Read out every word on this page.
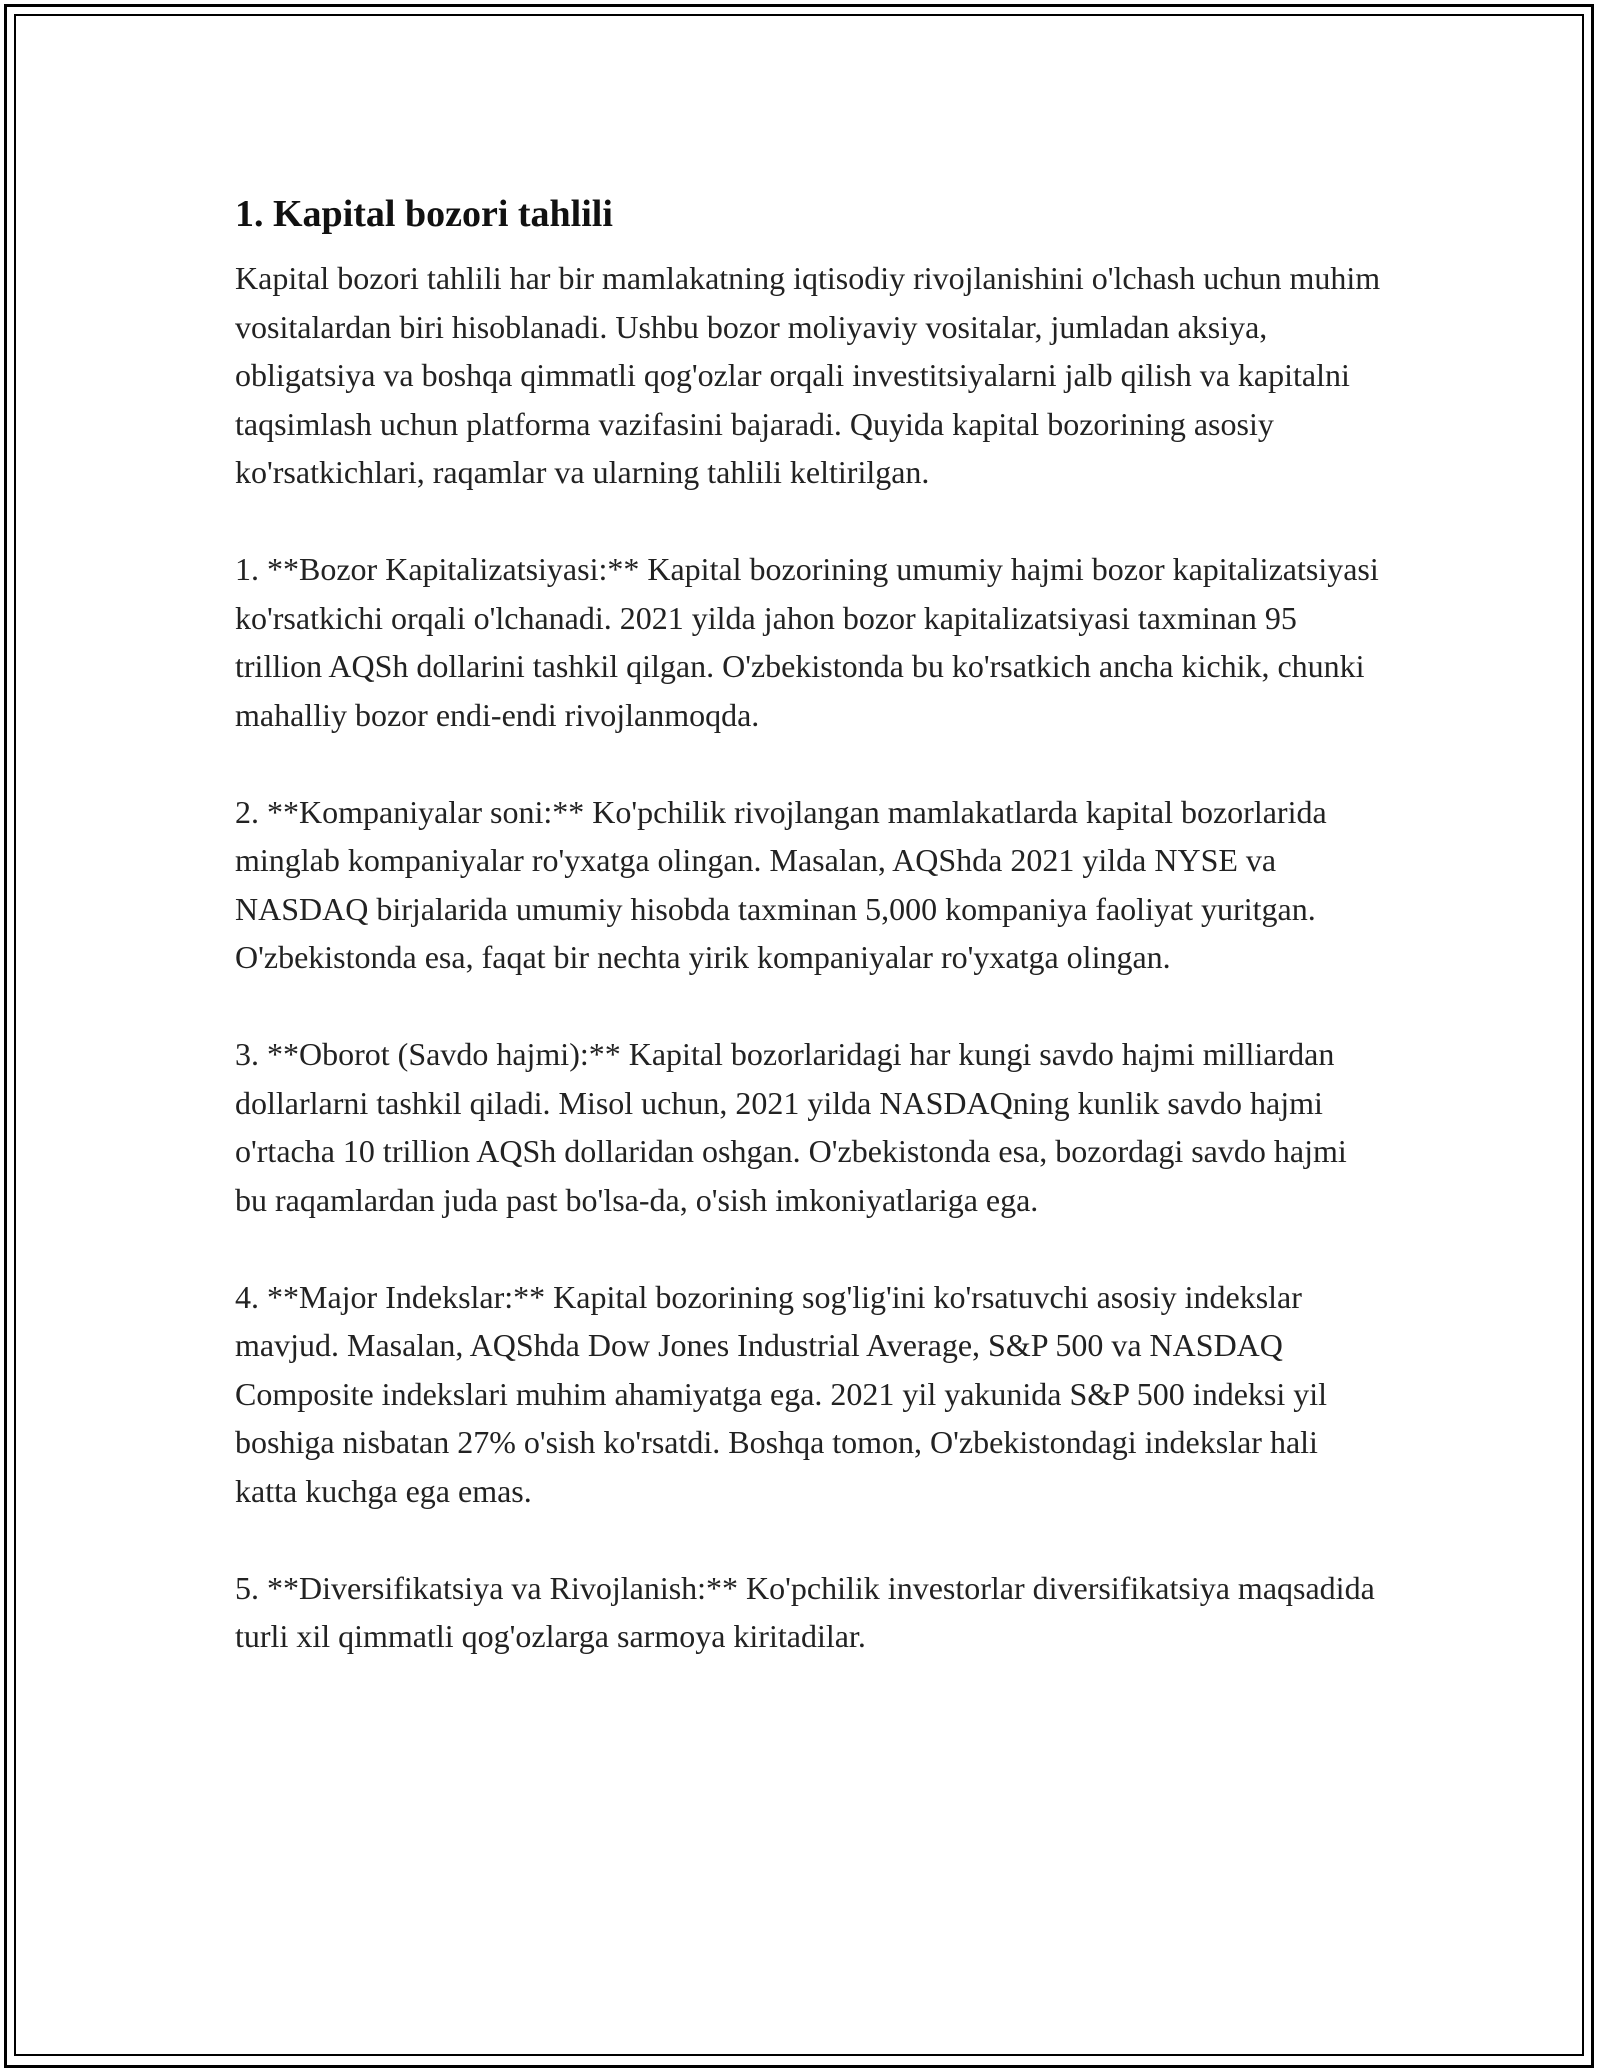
1. Kapital bozori tahlili

Kapital bozori tahlili har bir mamlakatning iqtisodiy rivojlanishini o'lchash uchun muhim vositalardan biri hisoblanadi. Ushbu bozor moliyaviy vositalar, jumladan aksiya, obligatsiya va boshqa qimmatli qog'ozlar orqali investitsiyalarni jalb qilish va kapitalni taqsimlash uchun platforma vazifasini bajaradi. Quyida kapital bozorining asosiy ko'rsatkichlari, raqamlar va ularning tahlili keltirilgan.

1. **Bozor Kapitalizatsiyasi:** Kapital bozorining umumiy hajmi bozor kapitalizatsiyasi ko'rsatkichi orqali o'lchanadi. 2021 yilda jahon bozor kapitalizatsiyasi taxminan 95 trillion AQSh dollarini tashkil qilgan. O'zbekistonda bu ko'rsatkich ancha kichik, chunki mahalliy bozor endi-endi rivojlanmoqda.

2. **Kompaniyalar soni:** Ko'pchilik rivojlangan mamlakatlarda kapital bozorlarida minglab kompaniyalar ro'yxatga olingan. Masalan, AQShda 2021 yilda NYSE va NASDAQ birjalarida umumiy hisobda taxminan 5,000 kompaniya faoliyat yuritgan. O'zbekistonda esa, faqat bir nechta yirik kompaniyalar ro'yxatga olingan.

3. **Oborot (Savdo hajmi):** Kapital bozorlaridagi har kungi savdo hajmi milliardan dollarlarni tashkil qiladi. Misol uchun, 2021 yilda NASDAQning kunlik savdo hajmi o'rtacha 10 trillion AQSh dollaridan oshgan. O'zbekistonda esa, bozordagi savdo hajmi bu raqamlardan juda past bo'lsa-da, o'sish imkoniyatlariga ega.

4. **Major Indekslar:** Kapital bozorining sog'lig'ini ko'rsatuvchi asosiy indekslar mavjud. Masalan, AQShda Dow Jones Industrial Average, S&P 500 va NASDAQ Composite indekslari muhim ahamiyatga ega. 2021 yil yakunida S&P 500 indeksi yil boshiga nisbatan 27% o'sish ko'rsatdi. Boshqa tomon, O'zbekistondagi indekslar hali katta kuchga ega emas.

5. **Diversifikatsiya va Rivojlanish:** Ko'pchilik investorlar diversifikatsiya maqsadida turli xil qimmatli qog'ozlarga sarmoya kiritadilar.
